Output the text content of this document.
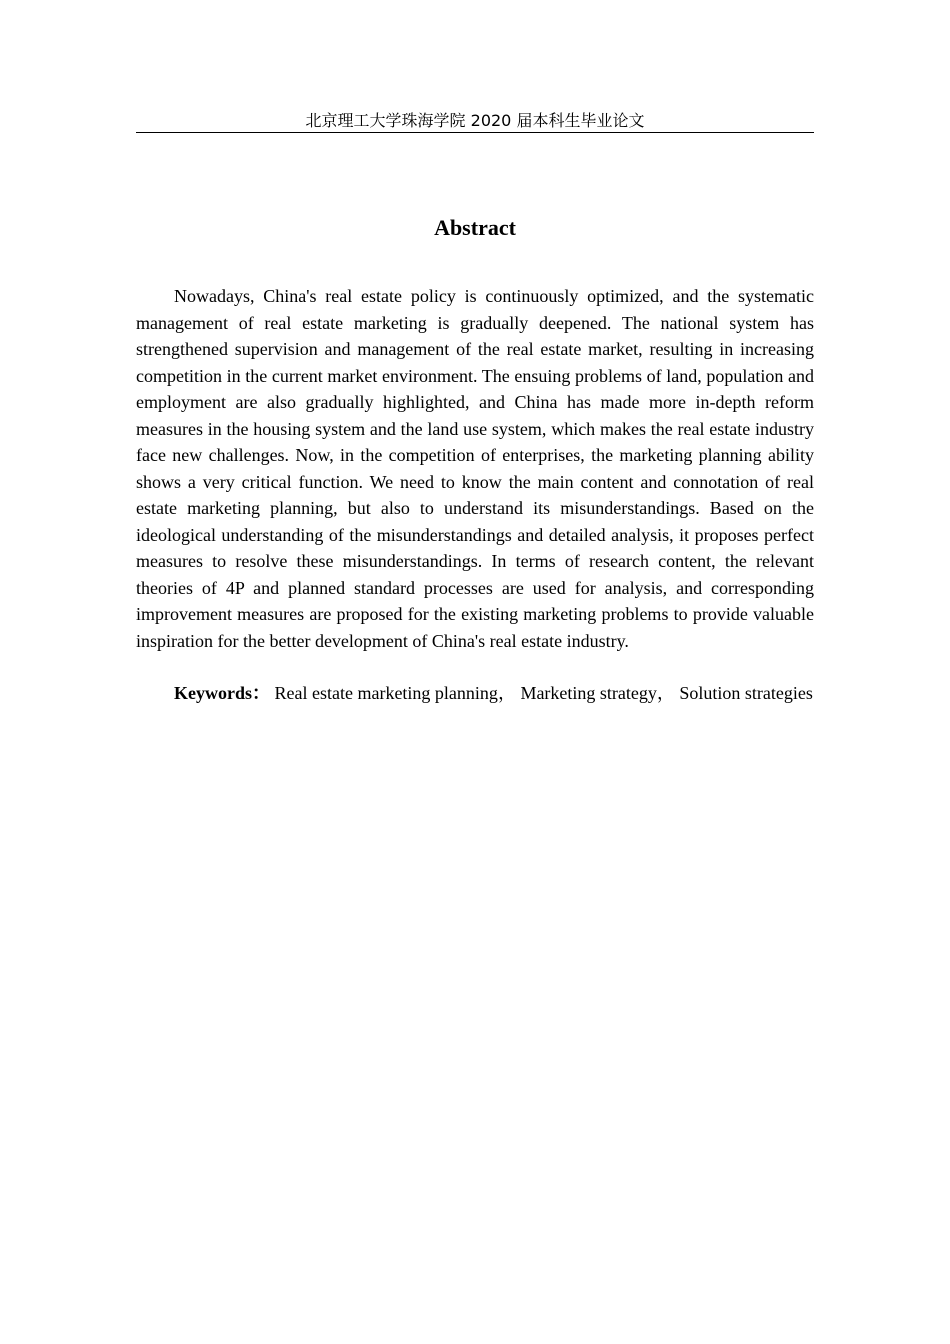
北京理工大学珠海学院 2020 届本科生毕业论文
Abstract

Nowadays, China's real estate policy is continuously optimized, and the systematic management of real estate marketing is gradually deepened. The national system has strengthened supervision and management of the real estate market, resulting in increasing competition in the current market environment. The ensuing problems of land, population and employment are also gradually highlighted, and China has made more in-depth reform measures in the housing system and the land use system, which makes the real estate industry face new challenges. Now, in the competition of enterprises, the marketing planning ability shows a very critical function. We need to know the main content and connotation of real estate marketing planning, but also to understand its misunderstandings. Based on the ideological understanding of the misunderstandings and detailed analysis, it proposes perfect measures to resolve these misunderstandings. In terms of research content, the relevant theories of 4P and planned standard processes are used for analysis, and corresponding improvement measures are proposed for the existing marketing problems to provide valuable inspiration for the better development of China's real estate industry.

Keywords： Real estate marketing planning， Marketing strategy， Solution strategies
